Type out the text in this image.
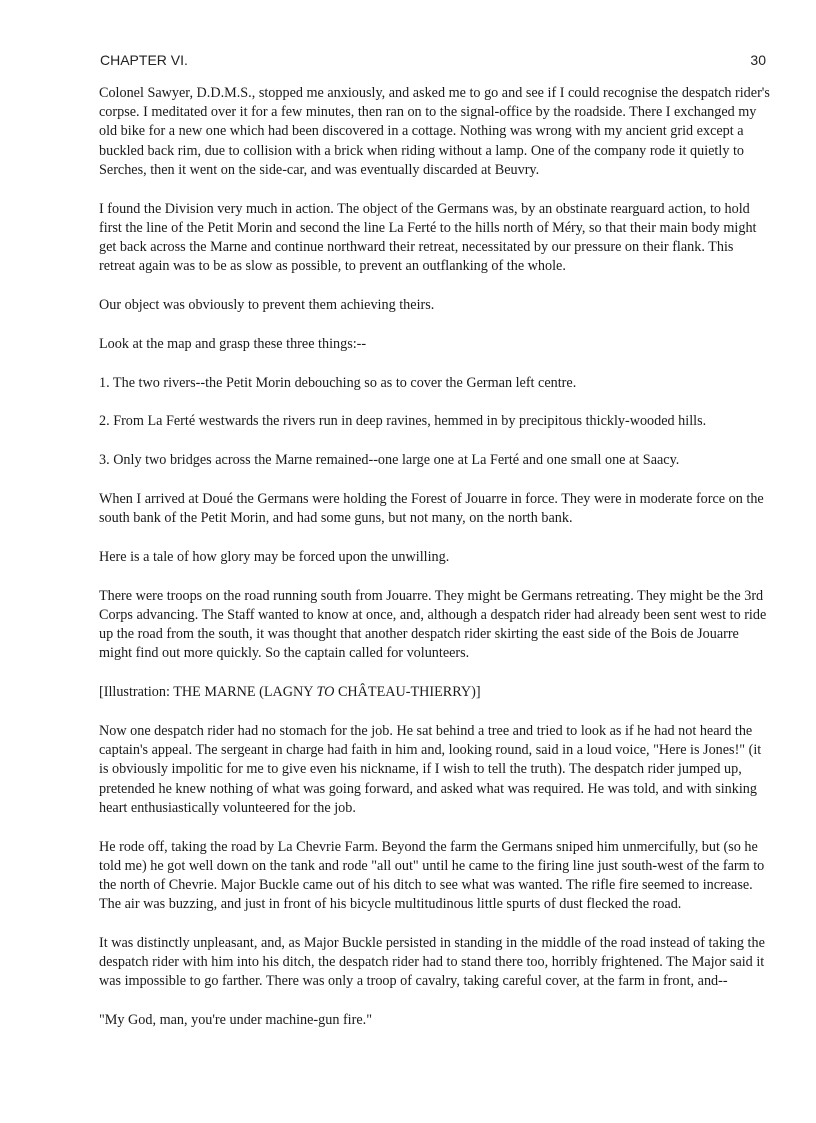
CHAPTER VI.	30

Colonel Sawyer, D.D.M.S., stopped me anxiously, and asked me to go and see if I could recognise the despatch rider's corpse. I meditated over it for a few minutes, then ran on to the signal-office by the roadside. There I exchanged my old bike for a new one which had been discovered in a cottage. Nothing was wrong with my ancient grid except a buckled back rim, due to collision with a brick when riding without a lamp. One of the company rode it quietly to Serches, then it went on the side-car, and was eventually discarded at Beuvry.

I found the Division very much in action. The object of the Germans was, by an obstinate rearguard action, to hold first the line of the Petit Morin and second the line La Ferté to the hills north of Méry, so that their main body might get back across the Marne and continue northward their retreat, necessitated by our pressure on their flank. This retreat again was to be as slow as possible, to prevent an outflanking of the whole.

Our object was obviously to prevent them achieving theirs.

Look at the map and grasp these three things:--

1. The two rivers--the Petit Morin debouching so as to cover the German left centre.

2. From La Ferté westwards the rivers run in deep ravines, hemmed in by precipitous thickly-wooded hills.

3. Only two bridges across the Marne remained--one large one at La Ferté and one small one at Saacy.

When I arrived at Doué the Germans were holding the Forest of Jouarre in force. They were in moderate force on the south bank of the Petit Morin, and had some guns, but not many, on the north bank.

Here is a tale of how glory may be forced upon the unwilling.

There were troops on the road running south from Jouarre. They might be Germans retreating. They might be the 3rd Corps advancing. The Staff wanted to know at once, and, although a despatch rider had already been sent west to ride up the road from the south, it was thought that another despatch rider skirting the east side of the Bois de Jouarre might find out more quickly. So the captain called for volunteers.

[Illustration: THE MARNE (LAGNY TO CHÂTEAU-THIERRY)]

Now one despatch rider had no stomach for the job. He sat behind a tree and tried to look as if he had not heard the captain's appeal. The sergeant in charge had faith in him and, looking round, said in a loud voice, "Here is Jones!" (it is obviously impolitic for me to give even his nickname, if I wish to tell the truth). The despatch rider jumped up, pretended he knew nothing of what was going forward, and asked what was required. He was told, and with sinking heart enthusiastically volunteered for the job.

He rode off, taking the road by La Chevrie Farm. Beyond the farm the Germans sniped him unmercifully, but (so he told me) he got well down on the tank and rode "all out" until he came to the firing line just south-west of the farm to the north of Chevrie. Major Buckle came out of his ditch to see what was wanted. The rifle fire seemed to increase. The air was buzzing, and just in front of his bicycle multitudinous little spurts of dust flecked the road.

It was distinctly unpleasant, and, as Major Buckle persisted in standing in the middle of the road instead of taking the despatch rider with him into his ditch, the despatch rider had to stand there too, horribly frightened. The Major said it was impossible to go farther. There was only a troop of cavalry, taking careful cover, at the farm in front, and--

"My God, man, you're under machine-gun fire."
